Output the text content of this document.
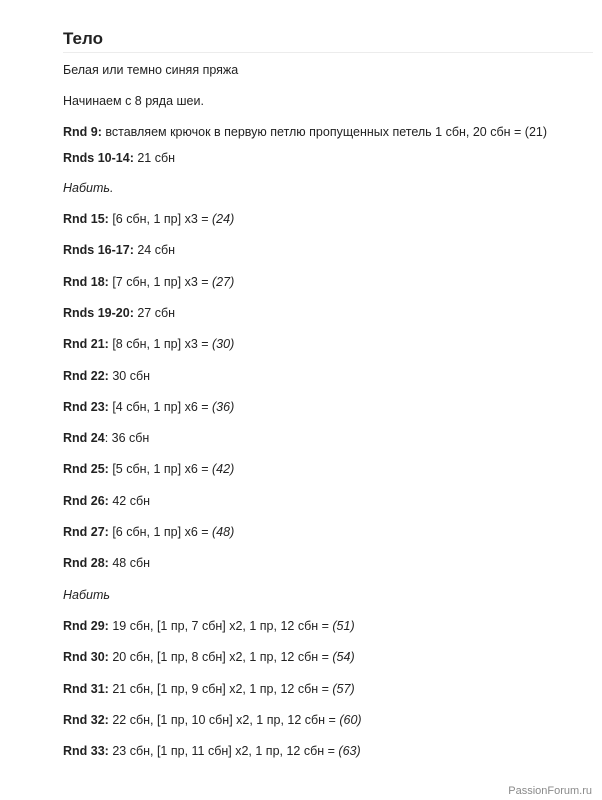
Тело

Белая или темно синяя пряжа

Начинаем с 8 ряда шеи.

Rnd 9: вставляем крючок в первую петлю пропущенных петель 1 сбн, 20 сбн = (21)

Rnds 10-14: 21 сбн

Набить.

Rnd 15: [6 сбн, 1 пр] x3 = (24)

Rnds 16-17: 24 сбн

Rnd 18: [7 сбн, 1 пр] x3 = (27)

Rnds 19-20: 27 сбн

Rnd 21: [8 сбн, 1 пр] x3 = (30)

Rnd 22: 30 сбн

Rnd 23: [4 сбн, 1 пр] x6 = (36)

Rnd 24: 36 сбн

Rnd 25: [5 сбн, 1 пр] x6 = (42)

Rnd 26: 42 сбн

Rnd 27: [6 сбн, 1 пр] x6 = (48)

Rnd 28: 48 сбн

Набить

Rnd 29: 19 сбн, [1 пр, 7 сбн] x2, 1 пр, 12 сбн = (51)

Rnd 30: 20 сбн, [1 пр, 8 сбн] x2, 1 пр, 12 сбн = (54)

Rnd 31: 21 сбн, [1 пр, 9 сбн] x2, 1 пр, 12 сбн = (57)

Rnd 32: 22 сбн, [1 пр, 10 сбн] x2, 1 пр, 12 сбн = (60)

Rnd 33: 23 сбн, [1 пр, 11 сбн] x2, 1 пр, 12 сбн = (63)

PassionForum.ru
